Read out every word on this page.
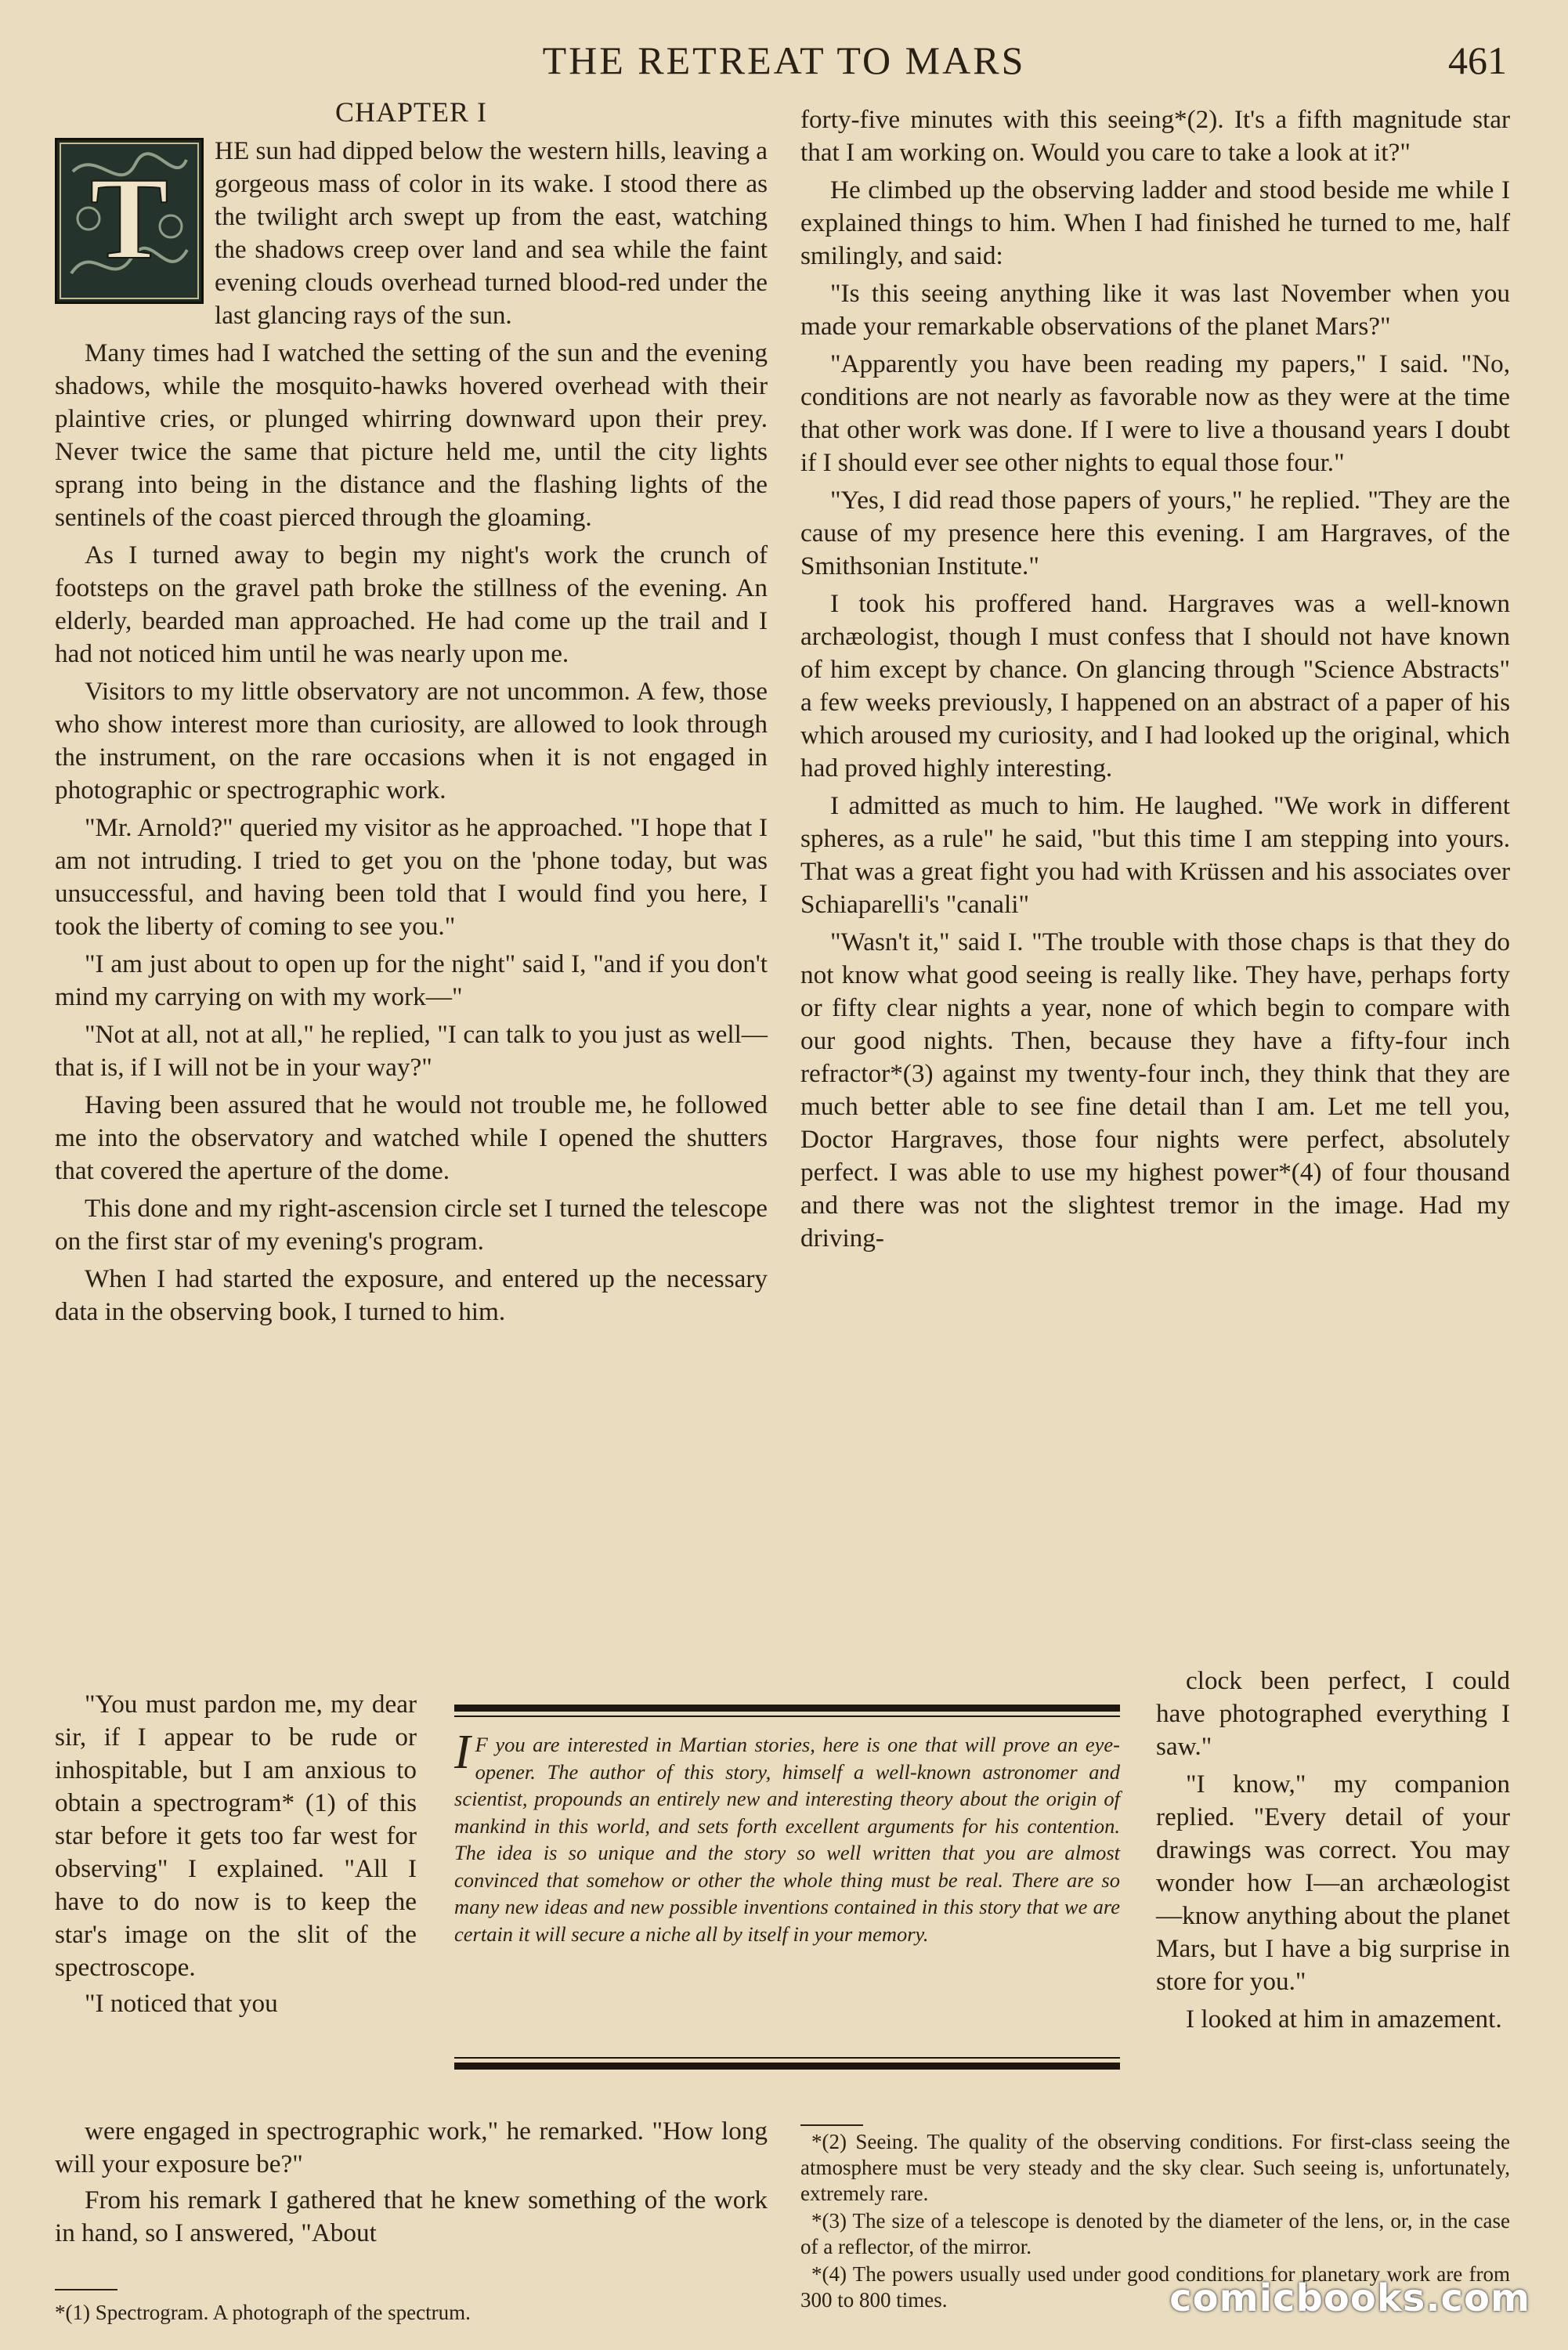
THE RETREAT TO MARS	461
CHAPTER I
T

HE sun had dipped below the western hills, leaving a gorgeous mass of color in its wake. I stood there as the twilight arch swept up from the east, watching the shadows creep over land and sea while the faint evening clouds overhead turned blood-red under the last glancing rays of the sun.

Many times had I watched the setting of the sun and the evening shadows, while the mosquito-hawks hovered overhead with their plaintive cries, or plunged whirring downward upon their prey. Never twice the same that picture held me, until the city lights sprang into being in the distance and the flashing lights of the sentinels of the coast pierced through the gloaming.

As I turned away to begin my night's work the crunch of footsteps on the gravel path broke the stillness of the evening. An elderly, bearded man approached. He had come up the trail and I had not noticed him until he was nearly upon me.

Visitors to my little observatory are not uncommon. A few, those who show interest more than curiosity, are allowed to look through the instrument, on the rare occasions when it is not engaged in photographic or spectrographic work.

"Mr. Arnold?" queried my visitor as he approached. "I hope that I am not intruding. I tried to get you on the 'phone today, but was unsuccessful, and having been told that I would find you here, I took the liberty of coming to see you."

"I am just about to open up for the night" said I, "and if you don't mind my carrying on with my work—"

"Not at all, not at all," he replied, "I can talk to you just as well—that is, if I will not be in your way?"

Having been assured that he would not trouble me, he followed me into the observatory and watched while I opened the shutters that covered the aperture of the dome.

This done and my right-ascension circle set I turned the telescope on the first star of my evening's program.

When I had started the exposure, and entered up the necessary data in the observing book, I turned to him.

"You must pardon me, my dear sir, if I appear to be rude or inhospitable, but I am anxious to obtain a spectrogram* (1) of this star before it gets too far west for observing" I explained. "All I have to do now is to keep the star's image on the slit of the spectroscope.

"I noticed that you

were engaged in spectrographic work," he remarked. "How long will your exposure be?"

From his remark I gathered that he knew something of the work in hand, so I answered, "About

forty-five minutes with this seeing*(2). It's a fifth magnitude star that I am working on. Would you care to take a look at it?"

He climbed up the observing ladder and stood beside me while I explained things to him. When I had finished he turned to me, half smilingly, and said:

"Is this seeing anything like it was last November when you made your remarkable observations of the planet Mars?"

"Apparently you have been reading my papers," I said. "No, conditions are not nearly as favorable now as they were at the time that other work was done. If I were to live a thousand years I doubt if I should ever see other nights to equal those four."

"Yes, I did read those papers of yours," he replied. "They are the cause of my presence here this evening. I am Hargraves, of the Smithsonian Institute."

I took his proffered hand. Hargraves was a well-known archæologist, though I must confess that I should not have known of him except by chance. On glancing through "Science Abstracts" a few weeks previously, I happened on an abstract of a paper of his which aroused my curiosity, and I had looked up the original, which had proved highly interesting.

I admitted as much to him. He laughed. "We work in different spheres, as a rule" he said, "but this time I am stepping into yours. That was a great fight you had with Krüssen and his associates over Schiaparelli's "canali"

"Wasn't it," said I. "The trouble with those chaps is that they do not know what good seeing is really like. They have, perhaps forty or fifty clear nights a year, none of which begin to compare with our good nights. Then, because they have a fifty-four inch refractor*(3) against my twenty-four inch, they think that they are much better able to see fine detail than I am. Let me tell you, Doctor Hargraves, those four nights were perfect, absolutely perfect. I was able to use my highest power*(4) of four thousand and there was not the slightest tremor in the image. Had my driving-

clock been perfect, I could have photographed everything I saw."

"I know," my companion replied. "Every detail of your drawings was correct. You may wonder how I—an archæologist—know anything about the planet Mars, but I have a big surprise in store for you."

I looked at him in amazement.

I F you are interested in Martian stories, here is one that will prove an eye-opener. The author of this story, himself a well-known astronomer and scientist, propounds an entirely new and interesting theory about the origin of mankind in this world, and sets forth excellent arguments for his contention. The idea is so unique and the story so well written that you are almost convinced that somehow or other the whole thing must be real. There are so many new ideas and new possible inventions contained in this story that we are certain it will secure a niche all by itself in your memory.

*(2) Seeing. The quality of the observing conditions. For first-class seeing the atmosphere must be very steady and the sky clear. Such seeing is, unfortunately, extremely rare.

*(3) The size of a telescope is denoted by the diameter of the lens, or, in the case of a reflector, of the mirror.

*(4) The powers usually used under good conditions for planetary work are from 300 to 800 times.

*(1) Spectrogram. A photograph of the spectrum.	comicbooks.com
